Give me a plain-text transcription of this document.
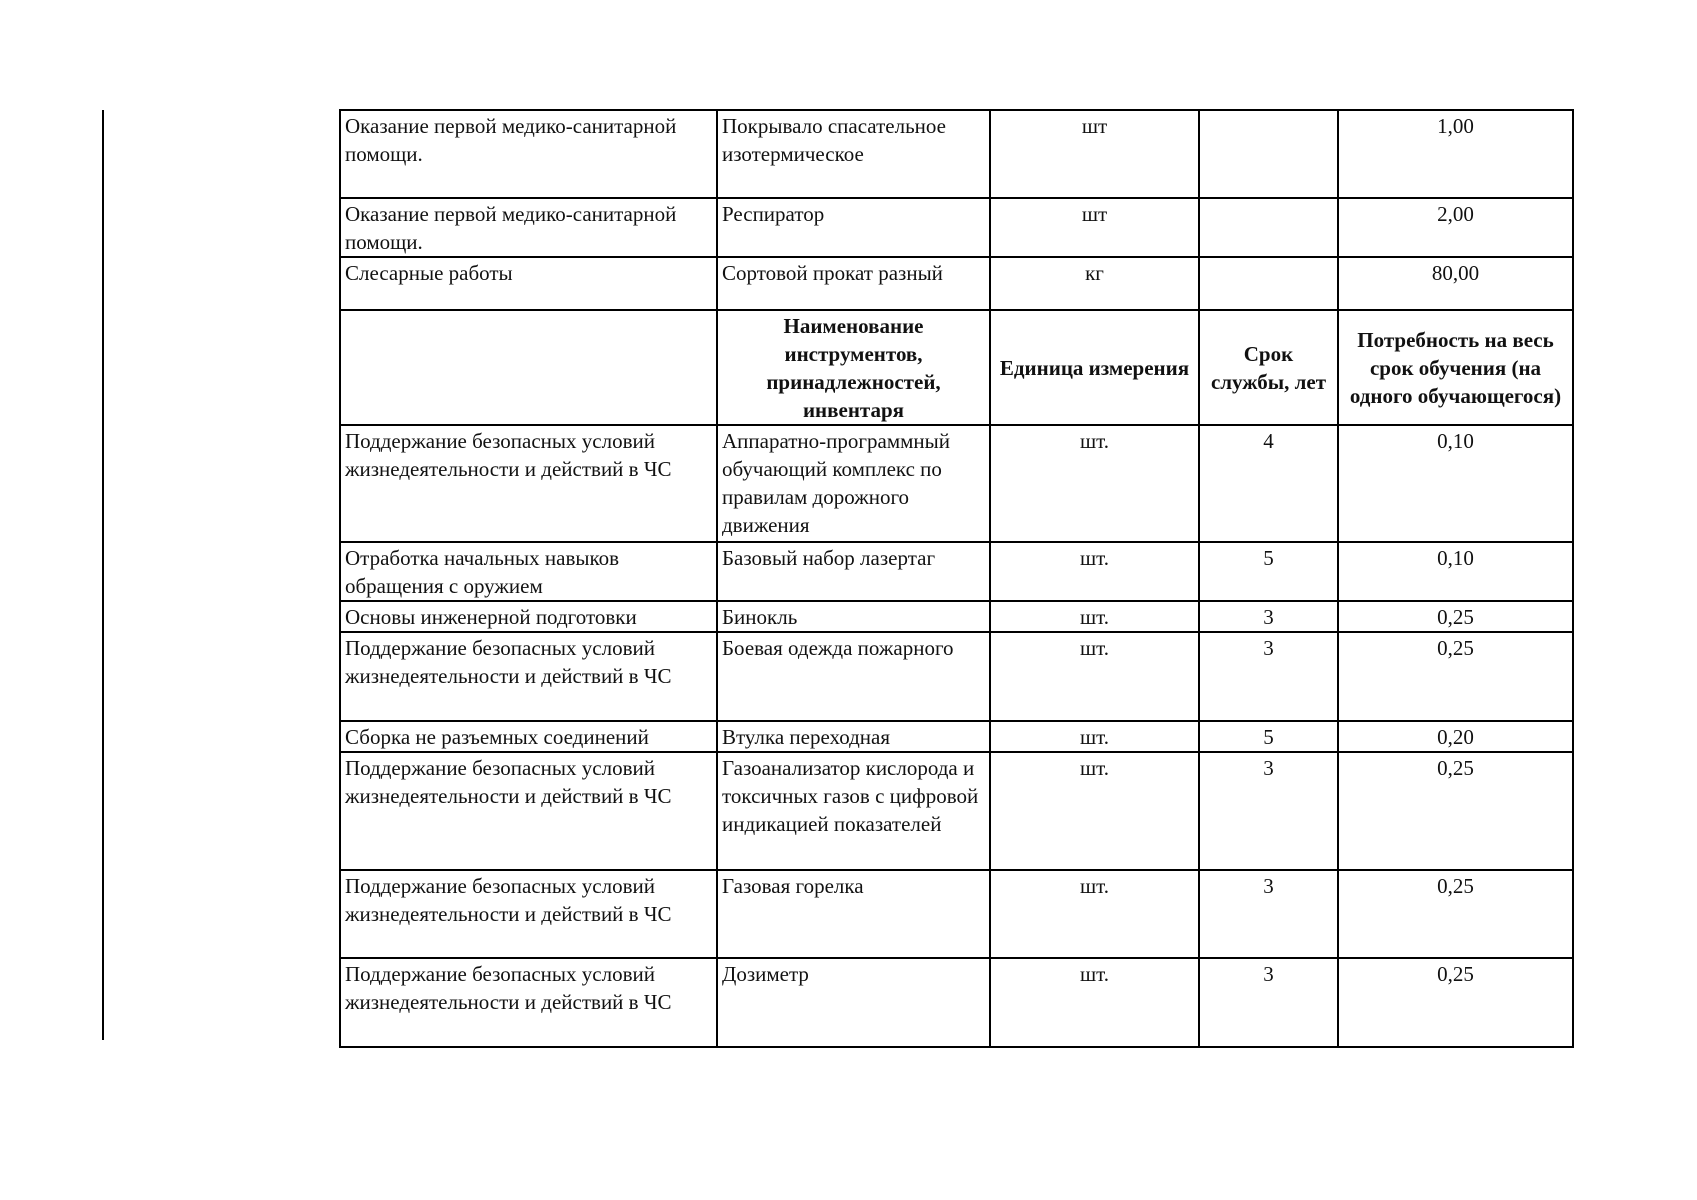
Оказание первой медико-санитарной помощи.	Покрывало спасательное изотермическое	шт		1,00
Оказание первой медико-санитарной помощи.	Респиратор	шт		2,00
Слесарные работы	Сортовой прокат разный	кг		80,00
	Наименование инструментов, принадлежностей, инвентаря	Единица измерения	Срок службы, лет	Потребность на весь срок обучения (на одного обучающегося)
Поддержание безопасных условий жизнедеятельности и действий в ЧС	Аппаратно-программный обучающий комплекс по правилам дорожного движения	шт.	4	0,10
Отработка начальных навыков обращения с оружием	Базовый набор лазертаг	шт.	5	0,10
Основы инженерной подготовки	Бинокль	шт.	3	0,25
Поддержание безопасных условий жизнедеятельности и действий в ЧС	Боевая одежда пожарного	шт.	3	0,25
Сборка не разъемных соединений	Втулка переходная	шт.	5	0,20
Поддержание безопасных условий жизнедеятельности и действий в ЧС	Газоанализатор кислорода и токсичных газов с цифровой индикацией показателей	шт.	3	0,25
Поддержание безопасных условий жизнедеятельности и действий в ЧС	Газовая горелка	шт.	3	0,25
Поддержание безопасных условий жизнедеятельности и действий в ЧС	Дозиметр	шт.	3	0,25
